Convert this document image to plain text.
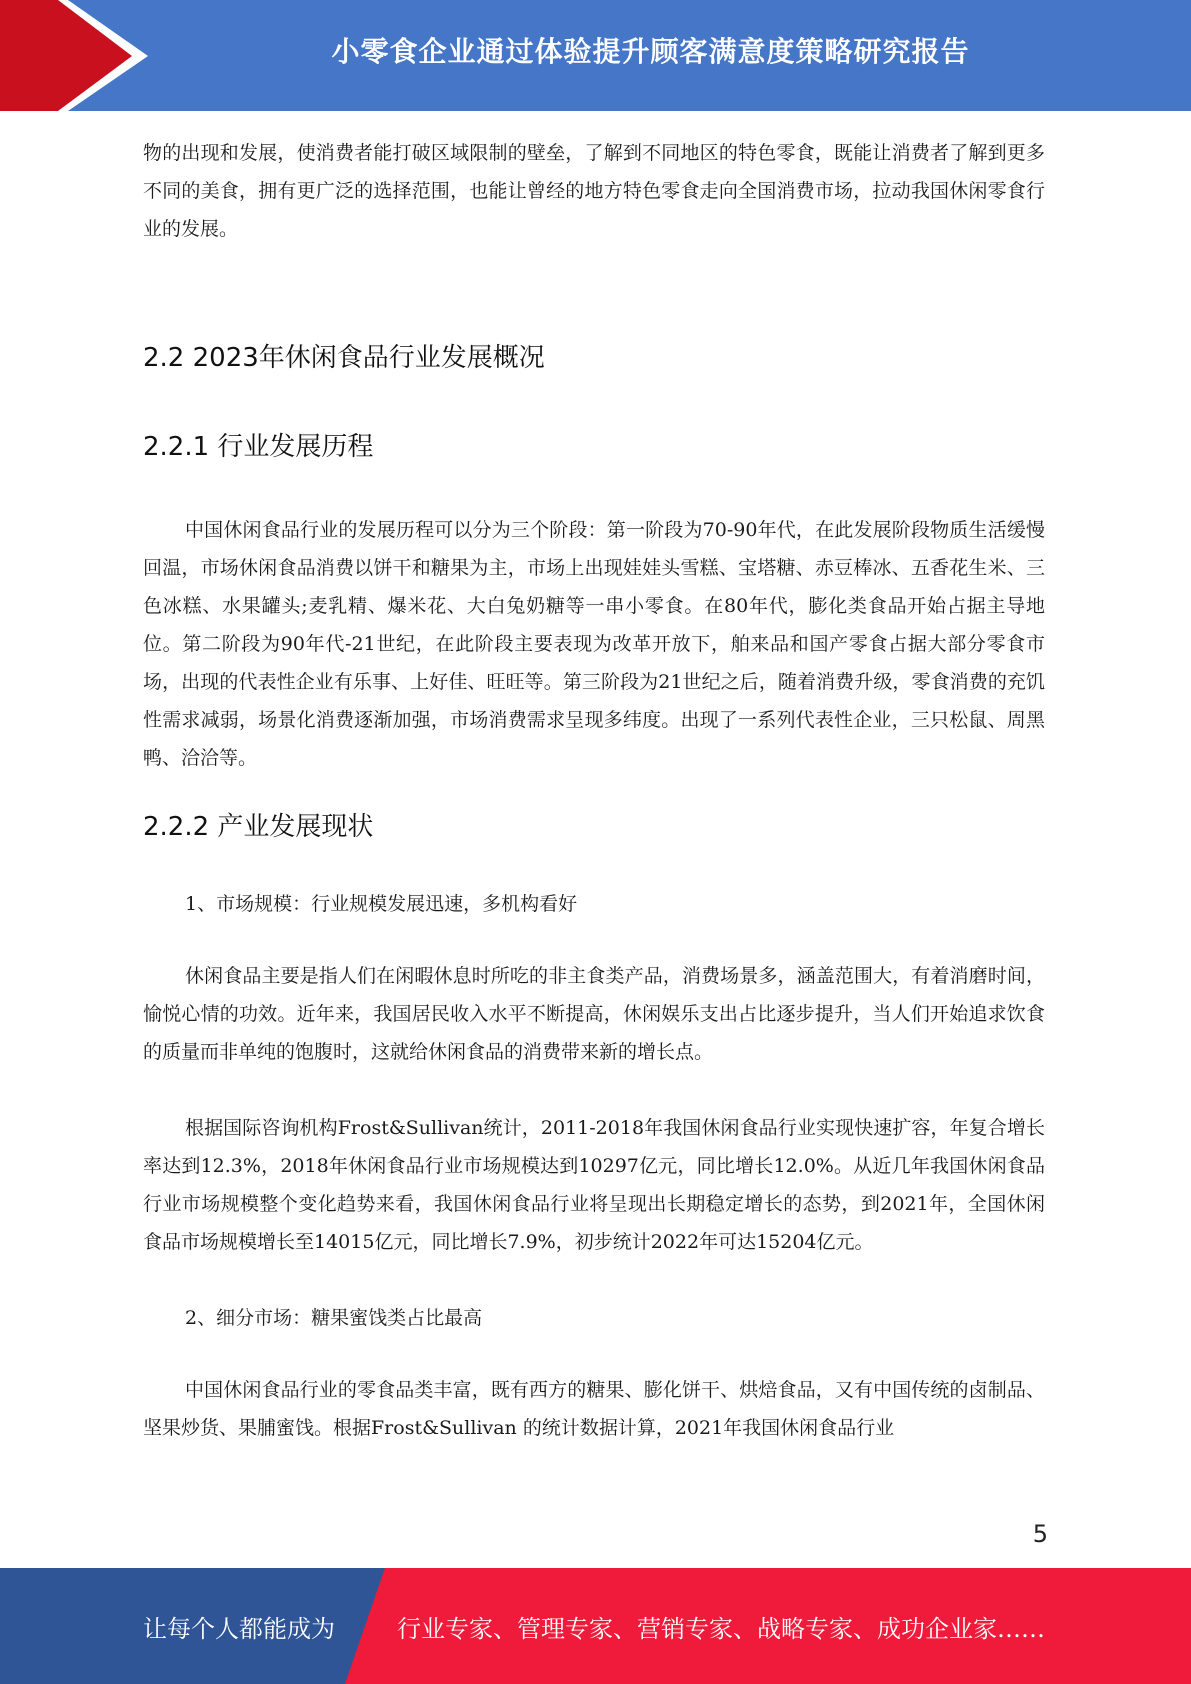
小零食企业通过体验提升顾客满意度策略研究报告

物的出现和发展，使消费者能打破区域限制的壁垒，了解到不同地区的特色零食，既能让消费者了解到更多不同的美食，拥有更广泛的选择范围，也能让曾经的地方特色零食走向全国消费市场，拉动我国休闲零食行业的发展。

2.2 2023年休闲食品行业发展概况
2.2.1 行业发展历程

中国休闲食品行业的发展历程可以分为三个阶段：第一阶段为70-90年代，在此发展阶段物质生活缓慢回温，市场休闲食品消费以饼干和糖果为主，市场上出现娃娃头雪糕、宝塔糖、赤豆棒冰、五香花生米、三色冰糕、水果罐头;麦乳精、爆米花、大白兔奶糖等一串小零食。在80年代，膨化类食品开始占据主导地位。第二阶段为90年代-21世纪，在此阶段主要表现为改革开放下，舶来品和国产零食占据大部分零食市场，出现的代表性企业有乐事、上好佳、旺旺等。第三阶段为21世纪之后，随着消费升级，零食消费的充饥性需求减弱，场景化消费逐渐加强，市场消费需求呈现多纬度。出现了一系列代表性企业，三只松鼠、周黑鸭、洽洽等。

2.2.2 产业发展现状

1、市场规模：行业规模发展迅速，多机构看好

休闲食品主要是指人们在闲暇休息时所吃的非主食类产品，消费场景多，涵盖范围大，有着消磨时间，愉悦心情的功效。近年来，我国居民收入水平不断提高，休闲娱乐支出占比逐步提升，当人们开始追求饮食的质量而非单纯的饱腹时，这就给休闲食品的消费带来新的增长点。

根据国际咨询机构Frost&Sullivan统计，2011-2018年我国休闲食品行业实现快速扩容，年复合增长率达到12.3%，2018年休闲食品行业市场规模达到10297亿元，同比增长12.0%。从近几年我国休闲食品行业市场规模整个变化趋势来看，我国休闲食品行业将呈现出长期稳定增长的态势，到2021年，全国休闲食品市场规模增长至14015亿元，同比增长7.9%，初步统计2022年可达15204亿元。

2、细分市场：糖果蜜饯类占比最高

中国休闲食品行业的零食品类丰富，既有西方的糖果、膨化饼干、烘焙食品，又有中国传统的卤制品、坚果炒货、果脯蜜饯。根据Frost&Sullivan 的统计数据计算，2021年我国休闲食品行业

5
让每个人都能成为	行业专家、管理专家、营销专家、战略专家、成功企业家……
